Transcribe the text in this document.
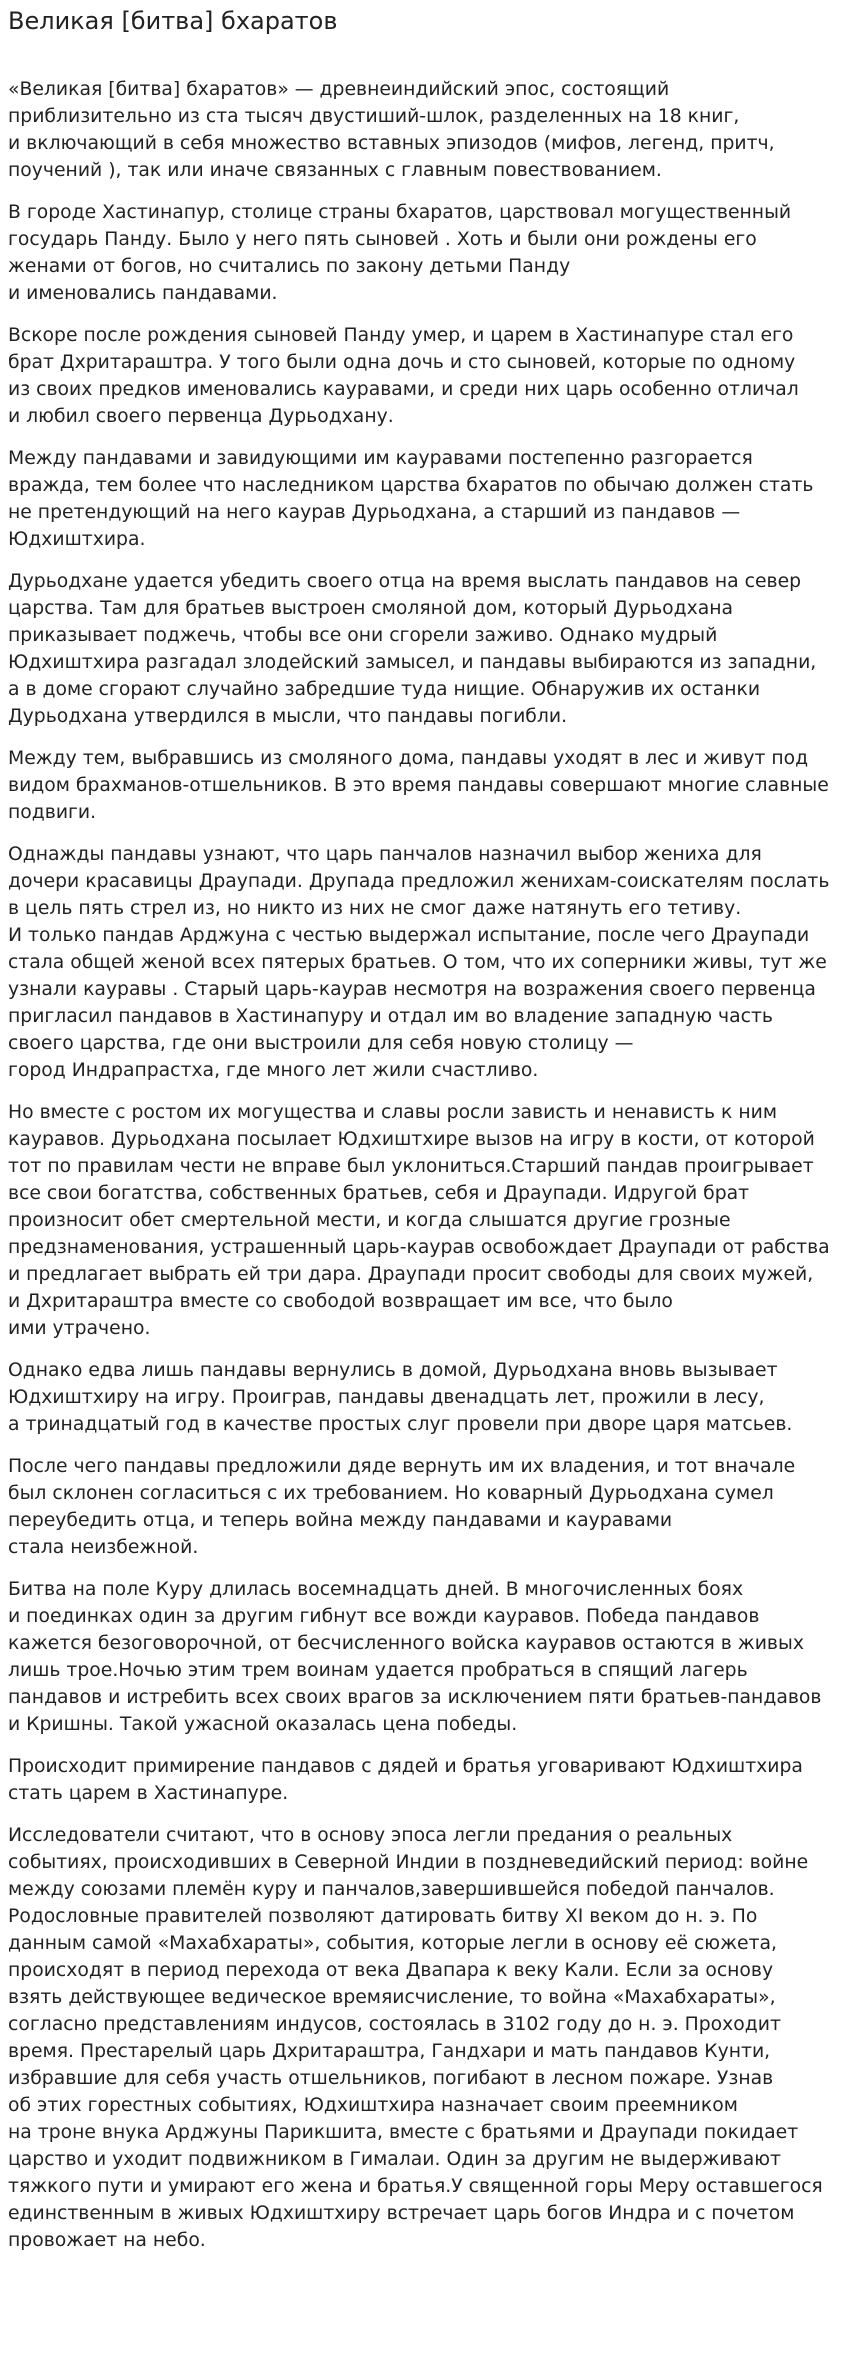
Великая [битва] бхаратов

«Великая [битва] бхаратов» — древнеиндийский эпос, состоящий
приблизительно из ста тысяч двустиший-шлок, разделенных на 18 книг,
и включающий в себя множество вставных эпизодов (мифов, легенд, притч,
поучений ), так или иначе связанных с главным повествованием.

В городе Хастинапур, столице страны бхаратов, царствовал могущественный
государь Панду. Было у него пять сыновей . Хоть и были они рождены его
женами от богов, но считались по закону детьми Панду
и именовались пандавами.

Вскоре после рождения сыновей Панду умер, и царем в Хастинапуре стал его
брат Дхритараштра. У того были одна дочь и сто сыновей, которые по одному
из своих предков именовались кауравами, и среди них царь особенно отличал
и любил своего первенца Дурьодхану.

Между пандавами и завидующими им кауравами постепенно разгорается
вражда, тем более что наследником царства бхаратов по обычаю должен стать
не претендующий на него каурав Дурьодхана, а старший из пандавов —
Юдхиштхира.

Дурьодхане удается убедить своего отца на время выслать пандавов на север
царства. Там для братьев выстроен смоляной дом, который Дурьодхана
приказывает поджечь, чтобы все они сгорели заживо. Однако мудрый
Юдхиштхира разгадал злодейский замысел, и пандавы выбираются из западни,
а в доме сгорают случайно забредшие туда нищие. Обнаружив их останки
Дурьодхана утвердился в мысли, что пандавы погибли.

Между тем, выбравшись из смоляного дома, пандавы уходят в лес и живут под
видом брахманов-отшельников. В это время пандавы совершают многие славные
подвиги.

Однажды пандавы узнают, что царь панчалов назначил выбор жениха для
дочери красавицы Драупади. Друпада предложил женихам-соискателям послать
в цель пять стрел из, но никто из них не смог даже натянуть его тетиву.
И только пандав Арджуна с честью выдержал испытание, после чего Драупади
стала общей женой всех пятерых братьев. О том, что их соперники живы, тут же
узнали кауравы . Старый царь-каурав несмотря на возражения своего первенца
пригласил пандавов в Хастинапуру и отдал им во владение западную часть
своего царства, где они выстроили для себя новую столицу —
город Индрапрастха, где много лет жили счастливо.

Но вместе с ростом их могущества и славы росли зависть и ненависть к ним
кауравов. Дурьодхана посылает Юдхиштхире вызов на игру в кости, от которой
тот по правилам чести не вправе был уклониться.Старший пандав проигрывает
все свои богатства, собственных братьев, себя и Драупади. Идругой брат
произносит обет смертельной мести, и когда слышатся другие грозные
предзнаменования, устрашенный царь-каурав освобождает Драупади от рабства
и предлагает выбрать ей три дара. Драупади просит свободы для своих мужей,
и Дхритараштра вместе со свободой возвращает им все, что было
ими утрачено.

Однако едва лишь пандавы вернулись в домой, Дурьодхана вновь вызывает
Юдхиштхиру на игру. Проиграв, пандавы двенадцать лет, прожили в лесу,
а тринадцатый год в качестве простых слуг провели при дворе царя матсьев.

После чего пандавы предложили дяде вернуть им их владения, и тот вначале
был склонен согласиться с их требованием. Но коварный Дурьодхана сумел
переубедить отца, и теперь война между пандавами и кауравами
стала неизбежной.

Битва на поле Куру длилась восемнадцать дней. В многочисленных боях
и поединках один за другим гибнут все вожди кауравов. Победа пандавов
кажется безоговорочной, от бесчисленного войска кауравов остаются в живых
лишь трое.Ночью этим трем воинам удается пробраться в спящий лагерь
пандавов и истребить всех своих врагов за исключением пяти братьев-пандавов
и Кришны. Такой ужасной оказалась цена победы.

Происходит примирение пандавов с дядей и братья уговаривают Юдхиштхира
стать царем в Хастинапуре.

Исследователи считают, что в основу эпоса легли предания о реальных
событиях, происходивших в Северной Индии в поздневедийский период: войне
между союзами племён куру и панчалов,завершившейся победой панчалов.
Родословные правителей позволяют датировать битву XI веком до н. э. По
данным самой «Махабхараты», события, которые легли в основу её сюжета,
происходят в период перехода от века Двапара к веку Кали. Если за основу
взять действующее ведическое времяисчисление, то война «Махабхараты»,
согласно представлениям индусов, состоялась в 3102 году до н. э. Проходит
время. Престарелый царь Дхритараштра, Гандхари и мать пандавов Кунти,
избравшие для себя участь отшельников, погибают в лесном пожаре. Узнав
об этих горестных событиях, Юдхиштхира назначает своим преемником
на троне внука Арджуны Парикшита, вместе с братьями и Драупади покидает
царство и уходит подвижником в Гималаи. Один за другим не выдерживают
тяжкого пути и умирают его жена и братья.У священной горы Меру оставшегося
единственным в живых Юдхиштхиру встречает царь богов Индра и с почетом
провожает на небо.
